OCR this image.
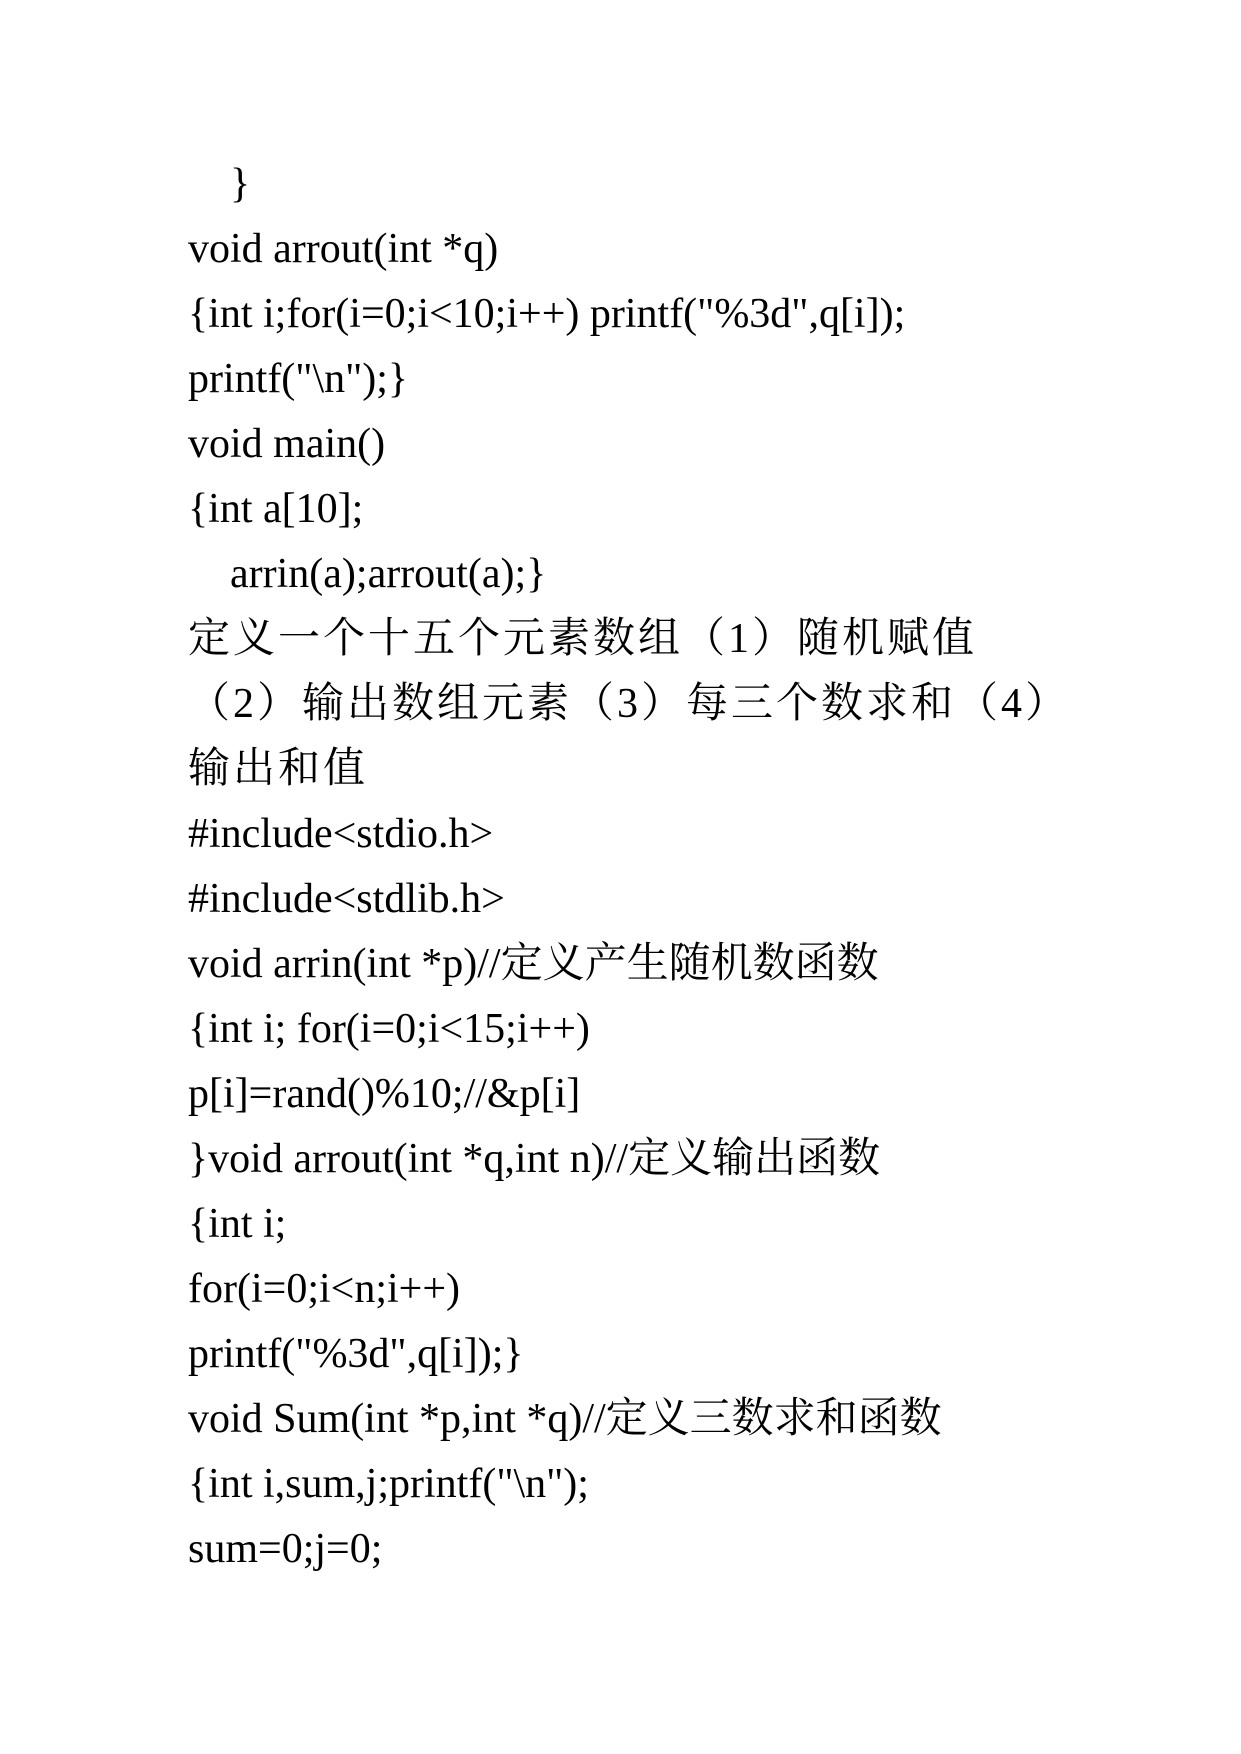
}
void arrout(int *q)
{int i;for(i=0;i<10;i++) printf("%3d",q[i]);
printf("\n");}
void main()
{int a[10];
arrin(a);arrout(a);}
定义一个十五个元素数组（1）随机赋值
（2）输出数组元素（3）每三个数求和（4）
输出和值
#include<stdio.h>
#include<stdlib.h>
void arrin(int *p)//定义产生随机数函数
{int i; for(i=0;i<15;i++)
p[i]=rand()%10;//&p[i]
}void arrout(int *q,int n)//定义输出函数
{int i;
for(i=0;i<n;i++)
printf("%3d",q[i]);}
void Sum(int *p,int *q)//定义三数求和函数
{int i,sum,j;printf("\n");
sum=0;j=0;
